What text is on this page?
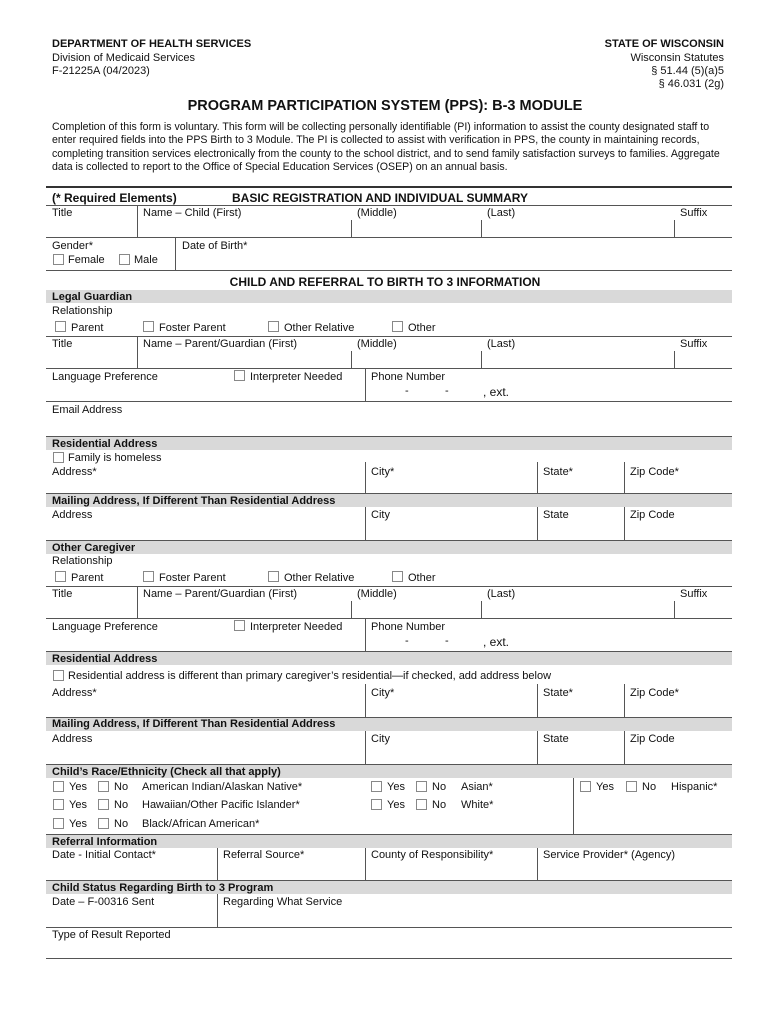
DEPARTMENT OF HEALTH SERVICES
Division of Medicaid Services
F-21225A (04/2023)
STATE OF WISCONSIN
Wisconsin Statutes
§ 51.44 (5)(a)5
§ 46.031 (2g)
PROGRAM PARTICIPATION SYSTEM (PPS): B-3 MODULE
Completion of this form is voluntary. This form will be collecting personally identifiable (PI) information to assist the county designated staff to enter required fields into the PPS Birth to 3 Module. The PI is collected to assist with verification in PPS, the county in maintaining records, completing transition services electronically from the county to the school district, and to send family satisfaction surveys to families. Aggregate data is collected to report to the Office of Special Education Services (OSEP) on an annual basis.
(* Required Elements)	BASIC REGISTRATION AND INDIVIDUAL SUMMARY
Title	Name – Child (First)	(Middle)	(Last)	Suffix
Gender*
Female	Male
Date of Birth*
CHILD AND REFERRAL TO BIRTH TO 3 INFORMATION
Legal Guardian
Relationship
Parent	Foster Parent	Other Relative	Other
Title	Name – Parent/Guardian (First)	(Middle)	(Last)	Suffix
Language Preference	Interpreter Needed	Phone Number
-	-	, ext.
Email Address
Residential Address
Family is homeless
Address*	City*	State*	Zip Code*
Mailing Address, If Different Than Residential Address
Address	City	State	Zip Code
Other Caregiver
Relationship
Parent	Foster Parent	Other Relative	Other
Title	Name – Parent/Guardian (First)	(Middle)	(Last)	Suffix
Language Preference	Interpreter Needed	Phone Number
-	-	, ext.
Residential Address
Residential address is different than primary caregiver’s residential—if checked, add address below
Address*	City*	State*	Zip Code*
Mailing Address, If Different Than Residential Address
Address	City	State	Zip Code
Child’s Race/Ethnicity (Check all that apply)
Yes No American Indian/Alaskan Native*
Yes No Hawaiian/Other Pacific Islander*
Yes No Black/African American*
Yes No Asian*
Yes No White*
Yes	No Hispanic*
Referral Information
Date - Initial Contact*	Referral Source*	County of Responsibility*	Service Provider* (Agency)
Child Status Regarding Birth to 3 Program
Date – F-00316 Sent	Regarding What Service
Type of Result Reported
